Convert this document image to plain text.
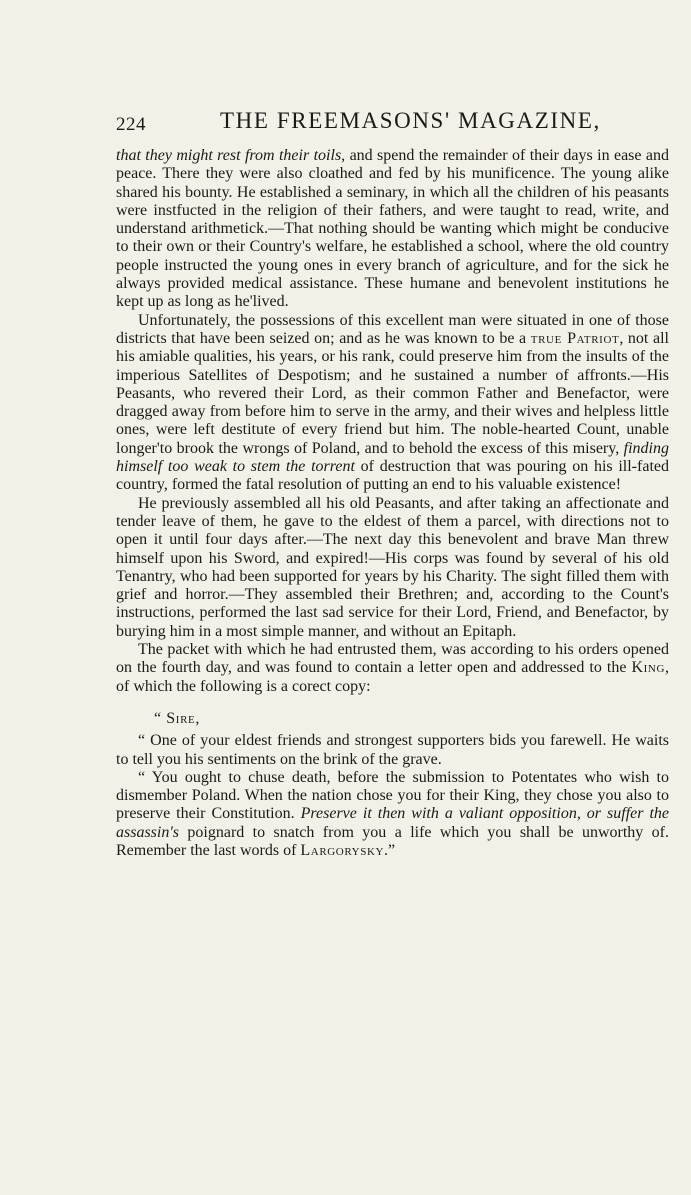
224	THE FREEMASONS' MAGAZINE,

that they might rest from their toils, and spend the remainder of their days in ease and peace. There they were also cloathed and fed by his munificence. The young alike shared his bounty. He established a seminary, in which all the children of his peasants were instfucted in the religion of their fathers, and were taught to read, write, and understand arithmetick.—That nothing should be wanting which might be conducive to their own or their Country's welfare, he established a school, where the old country people instructed the young ones in every branch of agriculture, and for the sick he always provided medical assistance. These humane and benevolent institutions he kept up as long as he'lived.

Unfortunately, the possessions of this excellent man were situated in one of those districts that have been seized on; and as he was known to be a true Patriot, not all his amiable qualities, his years, or his rank, could preserve him from the insults of the imperious Satellites of Despotism; and he sustained a number of affronts.—His Peasants, who revered their Lord, as their common Father and Benefactor, were dragged away from before him to serve in the army, and their wives and helpless little ones, were left destitute of every friend but him. The noble-hearted Count, unable longer'to brook the wrongs of Poland, and to behold the excess of this misery, finding himself too weak to stem the torrent of destruction that was pouring on his ill-fated country, formed the fatal resolution of putting an end to his valuable existence!

He previously assembled all his old Peasants, and after taking an affectionate and tender leave of them, he gave to the eldest of them a parcel, with directions not to open it until four days after.—The next day this benevolent and brave Man threw himself upon his Sword, and expired!—His corps was found by several of his old Tenantry, who had been supported for years by his Charity. The sight filled them with grief and horror.—They assembled their Brethren; and, according to the Count's instructions, performed the last sad service for their Lord, Friend, and Benefactor, by burying him in a most simple manner, and without an Epitaph.

The packet with which he had entrusted them, was according to his orders opened on the fourth day, and was found to contain a letter open and addressed to the King, of which the following is a corect copy:

“ Sire,

“ One of your eldest friends and strongest supporters bids you farewell. He waits to tell you his sentiments on the brink of the grave.

“ You ought to chuse death, before the submission to Potentates who wish to dismember Poland. When the nation chose you for their King, they chose you also to preserve their Constitution. Preserve it then with a valiant opposition, or suffer the assassin's poignard to snatch from you a life which you shall be unworthy of. Remember the last words of Largorysky.”
